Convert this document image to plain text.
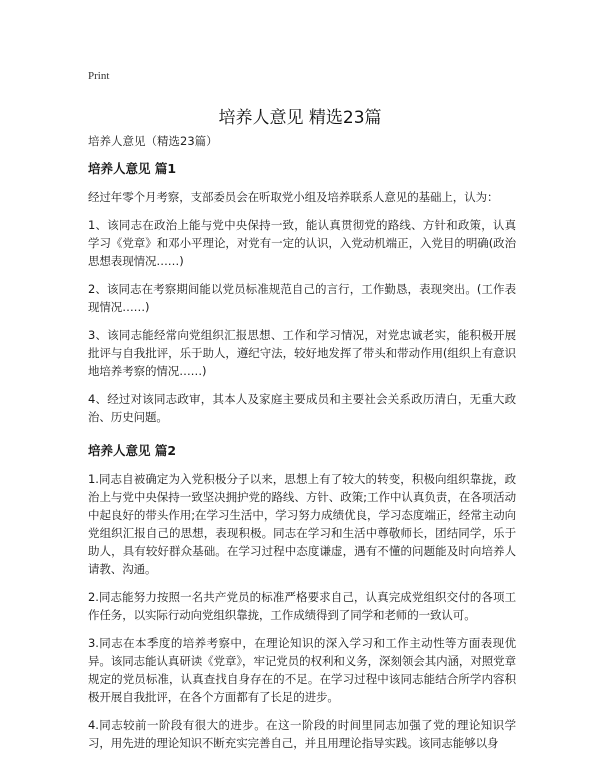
Print
培养人意见 精选23篇
培养人意见（精选23篇）
培养人意见 篇1

经过年零个月考察，支部委员会在听取党小组及培养联系人意见的基础上，认为：

1、该同志在政治上能与党中央保持一致，能认真贯彻党的路线、方针和政策，认真学习《党章》和邓小平理论，对党有一定的认识，入党动机端正，入党目的明确(政治思想表现情况……)

2、该同志在考察期间能以党员标准规范自己的言行，工作勤恳，表现突出。(工作表现情况……)

3、该同志能经常向党组织汇报思想、工作和学习情况，对党忠诚老实，能积极开展批评与自我批评，乐于助人，遵纪守法，较好地发挥了带头和带动作用(组织上有意识地培养考察的情况……)

4、经过对该同志政审，其本人及家庭主要成员和主要社会关系政历清白，无重大政治、历史问题。

培养人意见 篇2

1.同志自被确定为入党积极分子以来，思想上有了较大的转变，积极向组织靠拢，政治上与党中央保持一致坚决拥护党的路线、方针、政策;工作中认真负责，在各项活动中起良好的带头作用;在学习生活中，学习努力成绩优良，学习态度端正，经常主动向党组织汇报自己的思想，表现积极。同志在学习和生活中尊敬师长，团结同学，乐于助人，具有较好群众基础。在学习过程中态度谦虚，遇有不懂的问题能及时向培养人请教、沟通。

2.同志能努力按照一名共产党员的标准严格要求自己，认真完成党组织交付的各项工作任务，以实际行动向党组织靠拢，工作成绩得到了同学和老师的一致认可。

3.同志在本季度的培养考察中，在理论知识的深入学习和工作主动性等方面表现优异。该同志能认真研读《党章》，牢记党员的权利和义务，深刻领会其内涵，对照党章规定的党员标准，认真查找自身存在的不足。在学习过程中该同志能结合所学内容积极开展自我批评，在各个方面都有了长足的进步。

4.同志较前一阶段有很大的进步。在这一阶段的时间里同志加强了党的理论知识学习，用先进的理论知识不断充实完善自己，并且用理论指导实践。该同志能够以身
